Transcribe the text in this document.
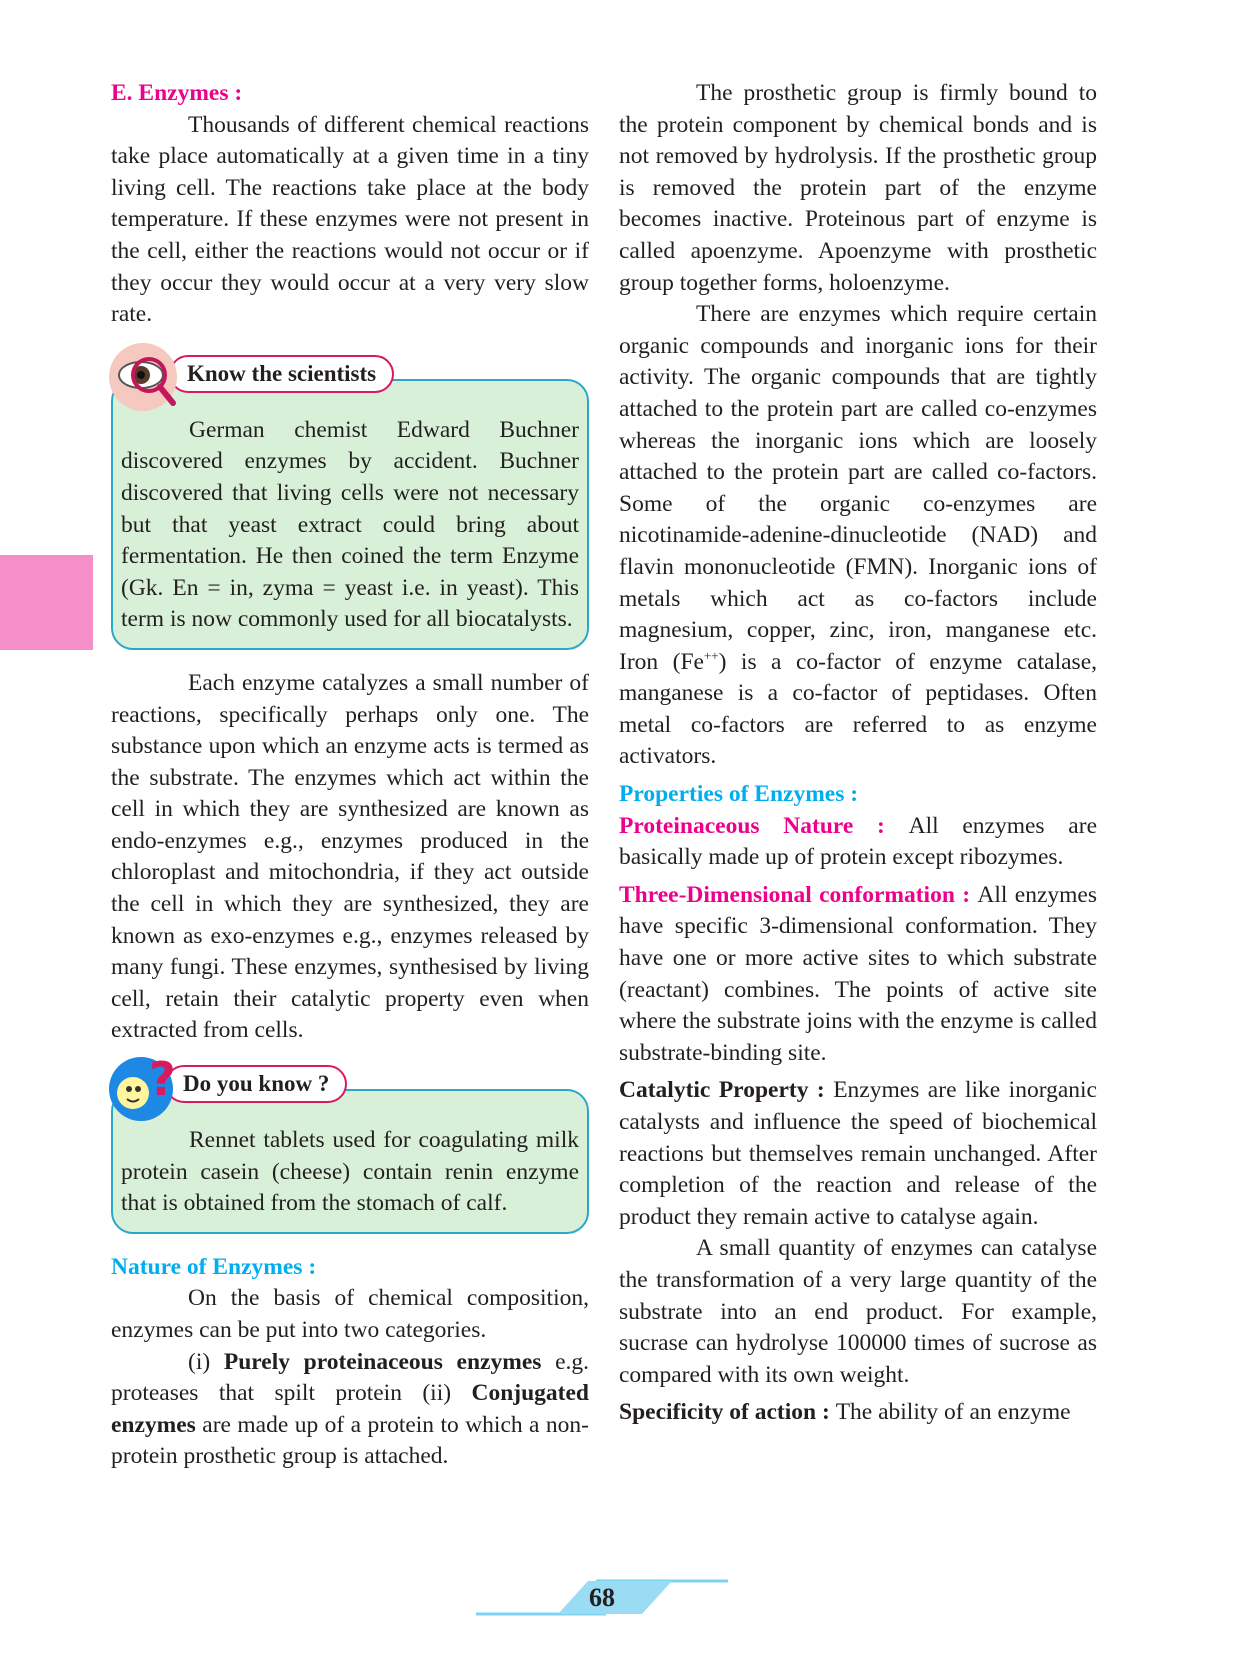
E. Enzymes :

Thousands of different chemical reactions take place automatically at a given time in a tiny living cell. The reactions take place at the body temperature. If these enzymes were not present in the cell, either the reactions would not occur or if they occur they would occur at a very very slow rate.

Know the scientists

German chemist Edward Buchner discovered enzymes by accident. Buchner discovered that living cells were not necessary but that yeast extract could bring about fermentation. He then coined the term Enzyme (Gk. En = in, zyma = yeast i.e. in yeast). This term is now commonly used for all biocatalysts.

Each enzyme catalyzes a small number of reactions, specifically perhaps only one. The substance upon which an enzyme acts is termed as the substrate. The enzymes which act within the cell in which they are synthesized are known as endo-enzymes e.g., enzymes produced in the chloroplast and mitochondria, if they act outside the cell in which they are synthesized, they are known as exo-enzymes e.g., enzymes released by many fungi. These enzymes, synthesised by living cell, retain their catalytic property even when extracted from cells.

? Do you know ?

Rennet tablets used for coagulating milk protein casein (cheese) contain renin enzyme that is obtained from the stomach of calf.

Nature of Enzymes :

On the basis of chemical composition, enzymes can be put into two categories.

(i) Purely proteinaceous enzymes e.g. proteases that spilt protein (ii) Conjugated enzymes are made up of a protein to which a non-protein prosthetic group is attached.

The prosthetic group is firmly bound to the protein component by chemical bonds and is not removed by hydrolysis. If the prosthetic group is removed the protein part of the enzyme becomes inactive. Proteinous part of enzyme is called apoenzyme. Apoenzyme with prosthetic group together forms, holoenzyme.

There are enzymes which require certain organic compounds and inorganic ions for their activity. The organic compounds that are tightly attached to the protein part are called co-enzymes whereas the inorganic ions which are loosely attached to the protein part are called co-factors. Some of the organic co-enzymes are nicotinamide-adenine-dinucleotide (NAD) and flavin mononucleotide (FMN). Inorganic ions of metals which act as co-factors include magnesium, copper, zinc, iron, manganese etc. Iron (Fe++) is a co-factor of enzyme catalase, manganese is a co-factor of peptidases. Often metal co-factors are referred to as enzyme activators.

Properties of Enzymes :

Proteinaceous Nature : All enzymes are basically made up of protein except ribozymes.

Three-Dimensional conformation : All enzymes have specific 3-dimensional conformation. They have one or more active sites to which substrate (reactant) combines. The points of active site where the substrate joins with the enzyme is called substrate-binding site.

Catalytic Property : Enzymes are like inorganic catalysts and influence the speed of biochemical reactions but themselves remain unchanged. After completion of the reaction and release of the product they remain active to catalyse again.

A small quantity of enzymes can catalyse the transformation of a very large quantity of the substrate into an end product. For example, sucrase can hydrolyse 100000 times of sucrose as compared with its own weight.

Specificity of action : The ability of an enzyme

68
